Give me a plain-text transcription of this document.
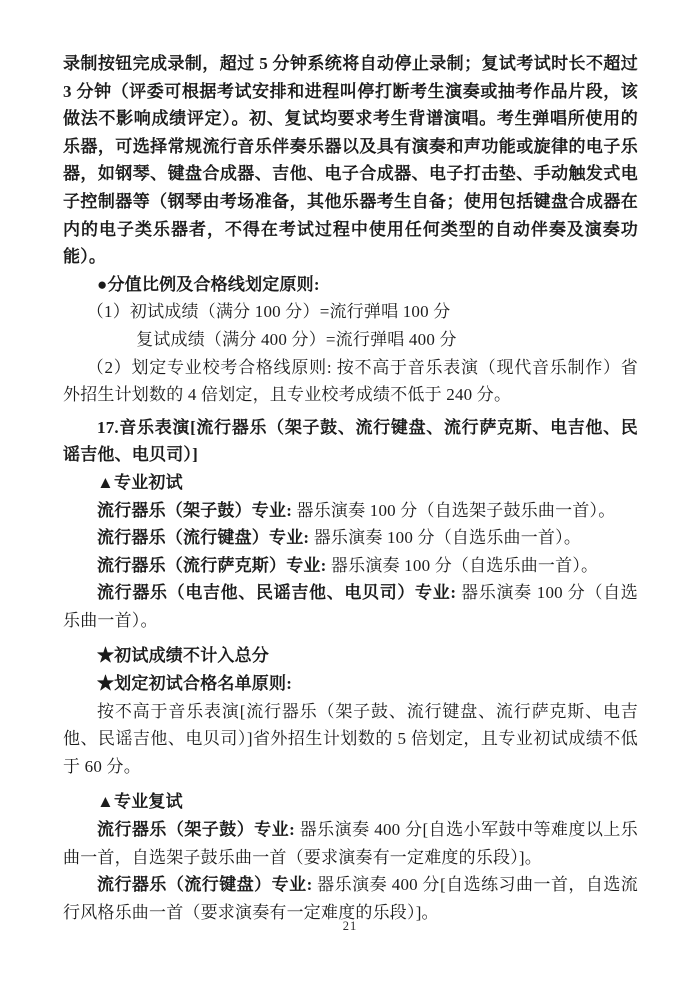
录制按钮完成录制，超过 5 分钟系统将自动停止录制；复试考试时长不超过 3 分钟（评委可根据考试安排和进程叫停打断考生演奏或抽考作品片段，该做法不影响成绩评定）。初、复试均要求考生背谱演唱。考生弹唱所使用的乐器，可选择常规流行音乐伴奏乐器以及具有演奏和声功能或旋律的电子乐器，如钢琴、键盘合成器、吉他、电子合成器、电子打击垫、手动触发式电子控制器等（钢琴由考场准备，其他乐器考生自备；使用包括键盘合成器在内的电子类乐器者，不得在考试过程中使用任何类型的自动伴奏及演奏功能）。

●分值比例及合格线划定原则:

（1）初试成绩（满分 100 分）=流行弹唱 100 分

复试成绩（满分 400 分）=流行弹唱 400 分

（2）划定专业校考合格线原则: 按不高于音乐表演（现代音乐制作）省外招生计划数的 4 倍划定，且专业校考成绩不低于 240 分。

17.音乐表演[流行器乐（架子鼓、流行键盘、流行萨克斯、电吉他、民谣吉他、电贝司）]

▲专业初试

流行器乐（架子鼓）专业: 器乐演奏 100 分（自选架子鼓乐曲一首）。

流行器乐（流行键盘）专业: 器乐演奏 100 分（自选乐曲一首）。

流行器乐（流行萨克斯）专业: 器乐演奏 100 分（自选乐曲一首）。

流行器乐（电吉他、民谣吉他、电贝司）专业: 器乐演奏 100 分（自选乐曲一首）。

★初试成绩不计入总分

★划定初试合格名单原则:

按不高于音乐表演[流行器乐（架子鼓、流行键盘、流行萨克斯、电吉他、民谣吉他、电贝司）]省外招生计划数的 5 倍划定，且专业初试成绩不低于 60 分。

▲专业复试

流行器乐（架子鼓）专业: 器乐演奏 400 分[自选小军鼓中等难度以上乐曲一首，自选架子鼓乐曲一首（要求演奏有一定难度的乐段）]。

流行器乐（流行键盘）专业: 器乐演奏 400 分[自选练习曲一首，自选流行风格乐曲一首（要求演奏有一定难度的乐段）]。

21
